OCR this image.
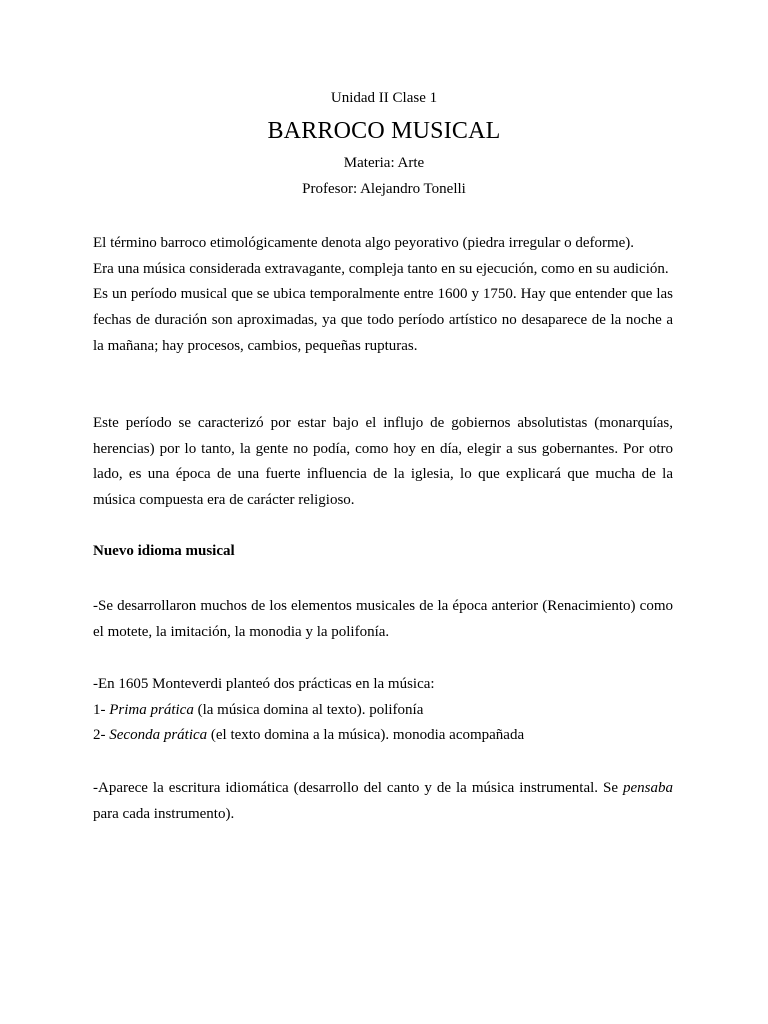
Unidad II Clase 1
BARROCO MUSICAL
Materia: Arte
Profesor: Alejandro Tonelli

El término barroco etimológicamente denota algo peyorativo (piedra irregular o deforme).

Era una música considerada extravagante, compleja tanto en su ejecución, como en su audición.

Es un período musical que se ubica temporalmente entre 1600 y 1750. Hay que entender que las fechas de duración son aproximadas, ya que todo período artístico no desaparece de la noche a la mañana; hay procesos, cambios, pequeñas rupturas.

Este período se caracterizó por estar bajo el influjo de gobiernos absolutistas (monarquías, herencias) por lo tanto, la gente no podía, como hoy en día, elegir a sus gobernantes. Por otro lado, es una época de una fuerte influencia de la iglesia, lo que explicará que mucha de la música compuesta era de carácter religioso.

Nuevo idioma musical

-Se desarrollaron muchos de los elementos musicales de la época anterior (Renacimiento) como el motete, la imitación, la monodia y la polifonía.

-En 1605 Monteverdi planteó dos prácticas en la música:

1- Prima prática (la música domina al texto). polifonía

2- Seconda prática (el texto domina a la música). monodia acompañada

-Aparece la escritura idiomática (desarrollo del canto y de la música instrumental. Se pensaba para cada instrumento).
